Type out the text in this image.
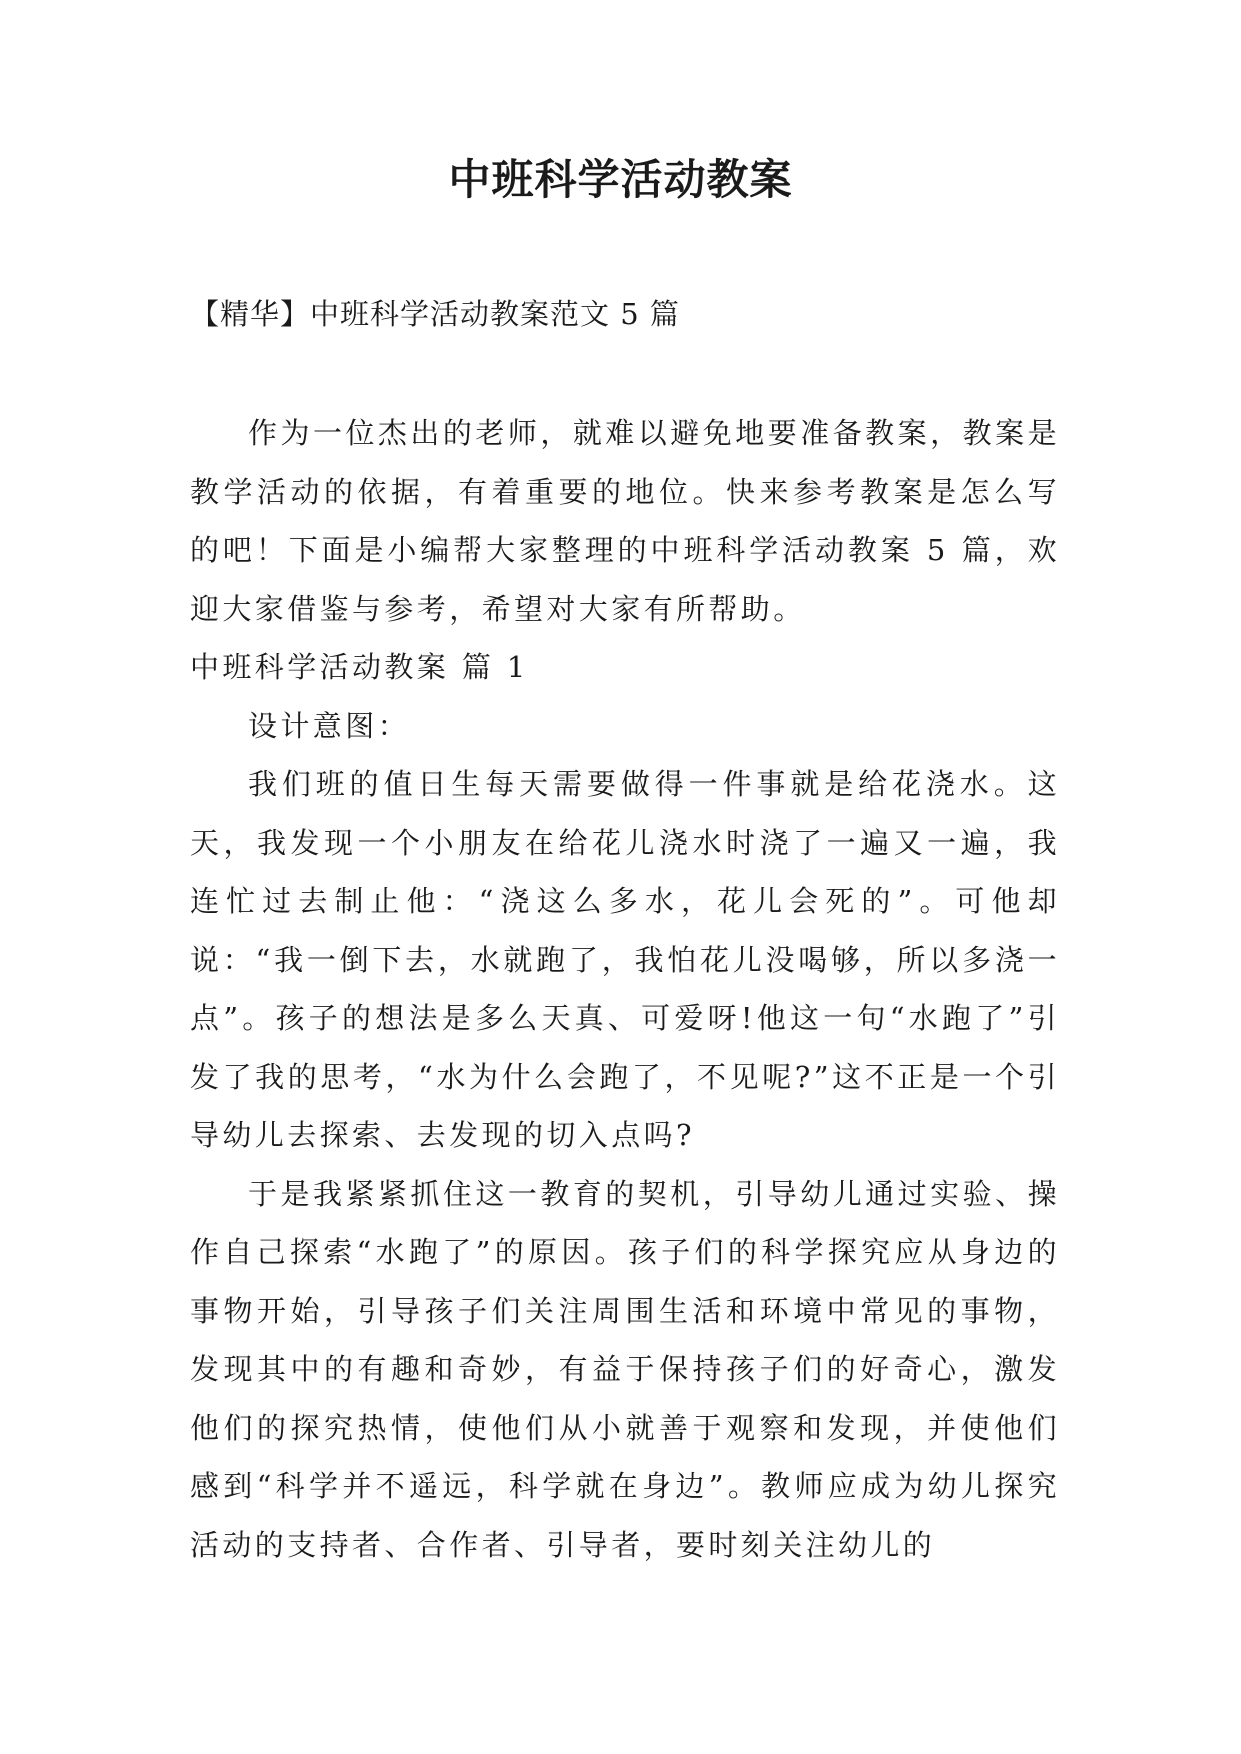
中班科学活动教案

【精华】中班科学活动教案范文 5 篇

作为一位杰出的老师，就难以避免地要准备教案，教案是教学活动的依据，有着重要的地位。快来参考教案是怎么写的吧！下面是小编帮大家整理的中班科学活动教案 5 篇，欢迎大家借鉴与参考，希望对大家有所帮助。

中班科学活动教案 篇 1

设计意图：

我们班的值日生每天需要做得一件事就是给花浇水。这天，我发现一个小朋友在给花儿浇水时浇了一遍又一遍，我连忙过去制止他：“浇这么多水，花儿会死的”。可他却说：“我一倒下去，水就跑了，我怕花儿没喝够，所以多浇一点”。孩子的想法是多么天真、可爱呀!他这一句“水跑了”引发了我的思考，“水为什么会跑了，不见呢?”这不正是一个引导幼儿去探索、去发现的切入点吗?

于是我紧紧抓住这一教育的契机，引导幼儿通过实验、操作自己探索“水跑了”的原因。孩子们的科学探究应从身边的事物开始，引导孩子们关注周围生活和环境中常见的事物，发现其中的有趣和奇妙，有益于保持孩子们的好奇心，激发他们的探究热情，使他们从小就善于观察和发现，并使他们感到“科学并不遥远，科学就在身边”。教师应成为幼儿探究活动的支持者、合作者、引导者，要时刻关注幼儿的
